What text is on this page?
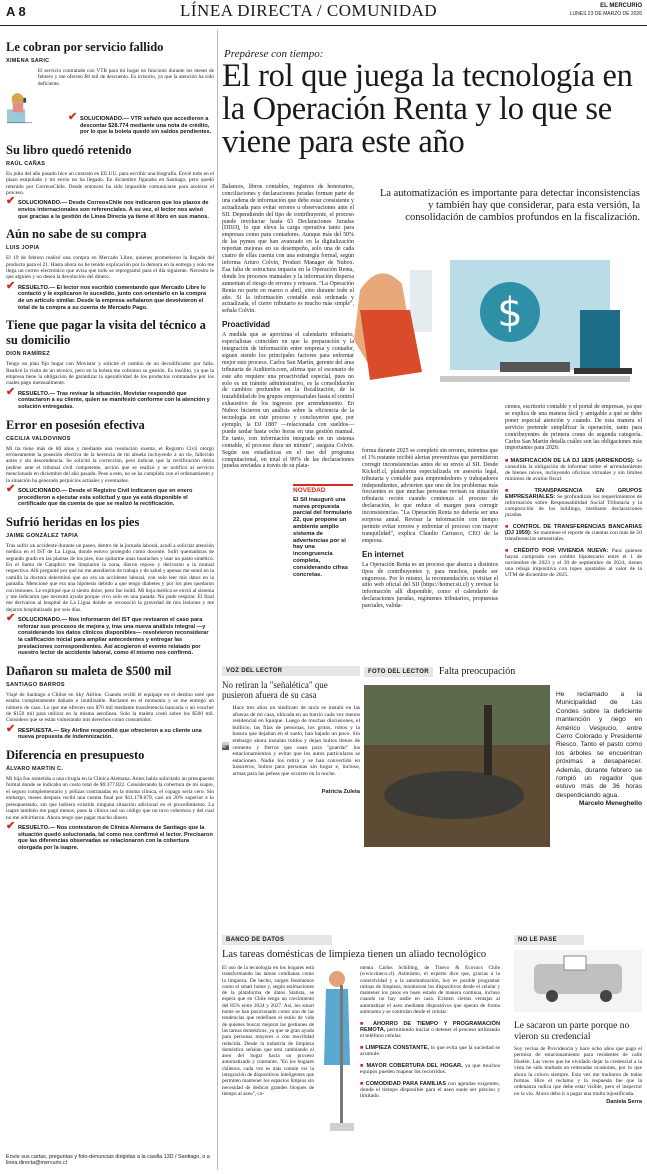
A 8	LÍNEA DIRECTA / COMUNIDAD	EL MERCURIO
LUNES 23 DE MARZO DE 2026
Le cobran por servicio fallido
XIMENA SARIC
El servicio contratado con VTR para mi hogar no funcionó durante los meses de febrero y me ofrecen $8 mil de descuento. Es irrisorio, ya que la atención ha sido deficiente.
✔ SOLUCIONADO.— VTR señaló que accedieron a descontar $28.774 mediante una nota de crédito, por lo que la boleta quedó sin saldos pendientes.
Su libro quedó retenido
RAÚL CAÑAS
En julio del año pasado hice un contrato en EE.UU. para escribir una biografía. Envié todo en el plazo estipulado y mi envío no ha llegado. En diciembre figuraba en Santiago, pero quedó retenido por CorreosChile. Desde entonces ha sido imposible comunicarse para acelerar el proceso.
✔ SOLUCIONADO.— Desde CorreosChile nos indicaron que los plazos de envíos internacionales son referenciales. A su vez, el lector nos avisó que gracias a la gestión de Línea Directa ya tiene el libro en sus manos.
Aún no sabe de su compra
LUIS JOPIA
El 19 de febrero realicé una compra en Mercado Libre, quienes prometieron la llegada del producto para el 21. Hasta ahora no he tenido explicación por la demora en la entrega y solo me llega un correo electrónico que avisa que todo se reprogramó para el día siguiente. Necesito le que alguien y no desea la devolución del dinero.
✔ RESUELTO.— El lector nos escribió comentando que Mercado Libre lo contactó y le explicaron lo sucedido, junto con orientarlo en la compra de un artículo similar. Desde la empresa señalaron que devolvieron el total de la compra a su cuenta de Mercado Pago.
Tiene que pagar la visita del técnico a su domicilio
DION RAMÍREZ
Tengo un plan fijo hogar con Movistar y solicité el cambio de un decodificador por falla. Realicé la visita de un técnico, pero en la boleta me cobraron su gestión. Es insólito, ya que la empresa tiene la obligación de garantizar la operatividad de los productos contratados por los cuales pago mensualmente.
✔ RESUELTO.— Tras revisar la situación, Movistar respondió que contactaron a su cliente, quien se manifestó conforme con la atención y solución entregadas.
Error en posesión efectiva
CECILIA VALDOVINOS
Mi tía tiene más de 80 años y mediante una resolución exenta, el Registro Civil otorgó erróneamente la posesión efectiva de la herencia de mi abuela incluyendo a un tío, fallecido antes y sin descendencia. Se solicitó la corrección, pero indican que la rectificación debía pedirse ante el tribunal civil competente, acción que se realizó y se notificó al servicio mencionado en diciembre del año pasado. Pese a esto, no se ha cumplido con el ordenamiento y la situación ha generado perjuicios actuales y eventuales.
✔ SOLUCIONADO.— Desde el Registro Civil indicaron que en enero procedieron a ejecutar esta solicitud y que ya está disponible el certificado que da cuenta de que se realizó la rectificación.
Sufrió heridas en los pies
JAIME GONZÁLEZ TAPIA
Tras sufrir un accidente durante un paseo, dentro de la jornada laboral, acudí a solicitar atención médica en el IST de La Ligua, donde estuvo protegido como docente. Sufrí quemaduras de segundo grado en las plantas de los pies, tras quitarme unas huaraches y usar un pasto sintético. En el Samu de Catapilco me limpiaron la zona, dieron reposo y derivaron a la mutual respectiva. Allí pregunté por qué no me atendieron de trabajo y de salud y apenas me sentó en la camilla la doctora determinó que no era un accidente laboral, con solo leer mis datos en la pantalla. Mencioné que era una hipótesis debido a que tengo diabetes y por los pies quedaron con lesiones. Le expliqué que si siento dolor, pero fue inútil. Mi hoja médica se envió al sistema y me indicaron que necesitó ayuda porque vivo solo en una pasada. No pude respirar. El final me derivaron al hospital de La Ligua donde se reconoció la gravedad de mis lesiones y me dejaron hospitalizado por seis días.
✔ SOLUCIONADO.— Nos informaron del IST que revisaron el caso para reforzar sus procesos de mejora y, tras una nueva análisis integral —y considerando los datos clínicos disponibles— resolvieron reconsiderar la calificación inicial para ampliar antecedentes y entregar las prestaciones correspondientes. Así acogieron el evento relatado por nuestro lector de accidente laboral, como él mismo nos confirmó.
Dañaron su maleta de $500 mil
SANTIAGO BARROS
Viajé de Santiago a Chiloé en Sky Airline. Cuando recibí el equipaje en el destino noté que estaba completamente dañado e inutilizable. Reclamé en el momento y se me entregó un número de caso. Lo que me ofrecen son $70 mil mediante transferencia bancaria o un voucher de $150 mil para utilizar en la misma aerolínea. Solo la maleta costó sobre los $500 mil. Considero que se están vulnerando mis derechos como consumidor.
✔ RESPUESTA.— Sky Airline respondió que ofrecieron a su cliente una nueva propuesta de indemnización.
Diferencia en presupuesto
ÁLVARO MARTIN C.
Mi hija fue sometida a una cirugía en la Clínica Alemana. Antes había solicitado un presupuesto formal donde se indicaba un costo total de $9.377.822. Considerando la cobertura de mi isapre, el seguro complementario y pólizas contratadas en la misma clínica, el copago sería cero. Sin embargo, meses después recibí una cuenta final por $11.178.679, casi un 20% superior a lo presupuestado, sin que hubiera existido ninguna situación adicional en el procedimiento. La isapre también me pagó menos, pues la clínica usó un código que no tuvo cobertura y del cual no me advirtieron. Ahora tengo que pagar mucho dinero.
✔ RESUELTO.— Nos contestaron de Clínica Alemana de Santiago que la situación quedó solucionada, tal como nos confirmó el lector. Precisaron que las diferencias observadas se relacionaron con la cobertura otorgada por la isapre.
Envíe sus cartas, preguntas y foto-denuncias dirigidas a la casilla 13D / Santiago, o a linea.directa@mercurio.cl
Prepárese con tiempo:
El rol que juega la tecnología en la Operación Renta y lo que se viene para este año
La automatización es importante para detectar inconsistencias y también hay que considerar, para esta versión, la consolidación de cambios profundos en la fiscalización.
$
Balances, libros contables, registros de honorarios, conciliaciones y declaraciones juradas forman parte de una cadena de información que debe estar consistente y actualizada para evitar errores u observaciones ante el SII. Dependiendo del tipo de contribuyente, el proceso puede involucrar hasta 63 Declaraciones Juradas (DDJJ), lo que eleva la carga operativa tanto para empresas como para contadores. Aunque más del 50% de las pymes que han avanzado en la digitalización reportan mejoras en su desempeño, solo una de cada cuatro de ellas cuenta con una estrategia formal, según informa Arturo Colvin, Product Manager de Nubox. Esa falta de estructura impacta en la Operación Renta, donde los procesos manuales y la información dispersa aumentan el riesgo de errores y retrasos. "La Operación Renta no parte en marzo o abril, sino durante todo el año. Si la información contable está ordenada y actualizada, el cierre tributario es mucho más simple", señala Colvin.
Proactividad
A medida que se aproxima el calendario tributario, especialistas coinciden en que la preparación y la integración de información entre empresa y contador, siguen siendo los principales factores para enfrentar mejor este proceso. Carlos San Martín, gerente del área tributaria de Auditoris.com, afirma que el escenario de este año requiere una proactividad especial, pues no solo es un trámite administrativo, es la consolidación de cambios profundos en la fiscalización, de la trazabilidad de los grupos empresariales hasta el control exhaustivo de los ingresos por arrendamiento. En Nubox hicieron un análisis sobre la eficiencia de la tecnología en este proceso y concluyeron que, por ejemplo, la DJ 1887 —relacionada con sueldos— puede tardar hasta ocho horas en una gestión manual. En tanto, con información integrada en un sistema contable, el proceso dura un minuto", asegura Colvin. Según sus estadísticas en el uso del programa computacional, en total el 99% de las declaraciones juradas enviadas a través de su plata-
NOVEDAD
El SII inauguró una nueva propuesta parcial del formulario 22, que propone un ambiente amplio sistema de advertencias por si hay una incongruencia completa, considerando cifras concretas.
forma durante 2025 se completó sin errores, mientras que el 1% restante recibió alertas preventivas que permitieron corregir inconsistencias antes de su envío al SII. Desde Kickoff.cl, plataforma especializada en asesoría legal, tributaria y contable para emprendedores y trabajadores independientes, advierten que uno de los problemas más frecuentes es que muchas personas revisan su situación tributaria recién cuando comienza el proceso de declaración, lo que reduce el margen para corregir inconsistencias. "La Operación Renta no debería ser una sorpresa anual. Revisar la información con tiempo permite evitar errores y enfrentar el proceso con mayor tranquilidad", explica Claudio Carrasco, CEO de la empresa.
En internet
La Operación Renta es un proceso que abarca a distintos tipos de contribuyentes y, para muchos, puede ser engorroso. Por lo mismo, la recomendación es visitar el sitio web oficial del SII (https://homer.sii.cl) y revisar la información allí disponible, como el calendario de declaraciones juradas, regímenes tributarios, propuestas parciales, valida-
ciones, escritorio contable y el portal de empresas, ya que se explica de una manera fácil y amigable a qué se debe poner especial atención y cuándo. De esta manera el servicio pretende simplificar la operación, tanto para contribuyentes de primera como de segunda categoría. Carlos San Martín detalla cuáles son las obligaciones más importantes para 2026:
■ MASIFICACIÓN DE LA DJ 1835 (ARRIENDOS): Se consolida la obligación de informar sobre el arrendamiento de bienes raíces, incluyendo oficinas virtuales y sin límites mínimos de avalúo fiscal.
■ TRANSPARENCIA EN GRUPOS EMPRESARIALES: Se profundizan los requerimientos de información sobre Responsabilidad Social Tributaria y la composición de los holdings, mediante declaraciones juradas.
■ CONTROL DE TRANSFERENCIAS BANCARIAS (DJ 1959): Se mantiene el reporte de cuentas con más de 50 transferencias semestrales.
■ CRÉDITO POR VIVIENDA NUEVA: Para quienes hayan comprado con crédito hipotecario entre el 1 de noviembre de 2023 y el 30 de septiembre de 2024, tienen una rebaja impositiva con topes ajustados al valor de la UTM de diciembre de 2025.
VOZ DEL LECTOR
No retiran la "señalética" que pusieron afuera de su casa
Hace tres años un sindicato de taxis se instaló en las afueras de mi casa, ubicada en un barrio cada vez menos residencial en Iquique. Luego de muchas discusiones, el bullicio, las filas de personas, los gritos, robos y la basura que dejaban en el suelo, han bajado un poco. Sin embargo ahora instalan toldos y dejan bultos llenos de cemento y fierros que usan para "guardar" los estacionamientos y evitar que los autos particulares se estacionen. Nadie los retira y se han convertido en basureros, bultos para personas sin hogar e, incluso, armas para las peleas que ocurren en la noche.
Patricia Zuleta
FOTO DEL LECTOR	Falta preocupación
He reclamado a la Municipalidad de Las Condes sobre la deficiente mantención y riego en Américo Vespucio, entre Cerro Colorado y Presidente Riesco. Tanto el pasto como los árboles se encuentran próximas a desaparecer. Además, durante febrero se rompió un regador que estuvo más de 36 horas desperdiciando agua.
Marcelo Meneghello
BANCO DE DATOS
Las tareas domésticas de limpieza tienen un aliado tecnológico
El uso de la tecnología en los hogares está transformando las tareas cotidianas como la limpieza. De hecho, surgen fenómenos como el smart home y, según estimaciones de la plataforma de datos Statista, se espera que en Chile tenga un crecimiento del 85% entre 2024 y 2027. Así, los smart home se han posicionado como uno de las tendencias que redefinen el estilo de vida de quienes buscar mejorar las gestiones de las tareas domésticas, ya que se gran ayuda para personas mayores o con movilidad reducida. Desde la industria de limpieza doméstica señalan que está cambiando el aseo del hogar hacia un proceso automatizado y constante. "En los hogares chilenos, cada vez es más común ver la integración de dispositivos inteligentes que permiten mantener los espacios limpios sin necesidad de dedicar grandes bloques de tiempo al aseo", co-
menta Carlos Schilling, de Tineco & Ecovacs Chile (www.tineco.cl). Asimismo, el experto dice que, gracias a la conectividad y a la automatización, hoy es posible programar rutinas de limpieza, monitorear los dispositivos desde el celular y mantener los pisos en buen estado de manera continua, incluso cuando no hay nadie en casa. Existen ciertas ventajas al automatizar el aseo mediante dispositivos que operan de forma autónoma y se controlan desde el celular:
■ AHORRO DE TIEMPO Y PROGRAMACIÓN REMOTA, permitiendo iniciar o detener el proceso utilizando el teléfono celular.
■ LIMPIEZA CONSTANTE, lo que evita que la suciedad se acumule.
■ MAYOR COBERTURA DEL HOGAR, ya que muchos equipos pueden mapear los recorridos.
■ COMODIDAD PARA FAMILIAS con agendas exigentes, donde el tiempo disponible para el aseo suele ser preciso y limitado.
NO LE PASE
Le sacaron un parte porque no vieron su credencial
Soy vecina de Providencia y hace ocho años que pago el permiso de estacionamiento para residentes de calle Huelén. Las veces que he olvidado dejar la credencial a la vista he sido multada en reiteradas ocasiones, por lo que ahora la coloco siempre. Esta vez me multaron de todas formas. Hice el reclamo y la respuesta fue que la ordenanza indica que debe estar visible, pero el inspector no la vio. Ahora debo ir a pagar una multa injustificada.
Daniela Serra
